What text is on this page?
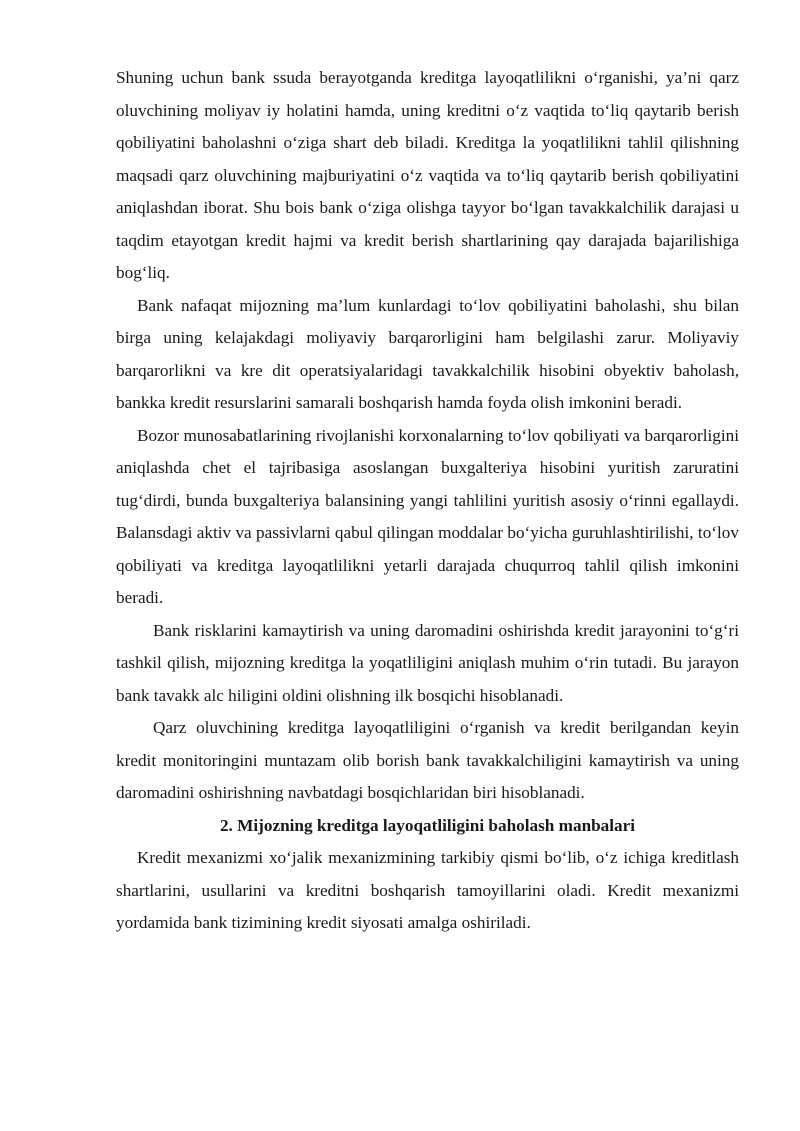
Shuning uchun bank ssuda berayotganda kreditga layoqatlilikni o‘rganishi, ya’ni qarz oluvchining moliyav iy holatini hamda, uning kreditni o‘z vaqtida to‘liq qaytarib berish qobiliyatini baholashni o‘ziga shart deb biladi. Kreditga la yoqatlilikni tahlil qilishning maqsadi qarz oluvchining majburiyatini o‘z vaqtida va to‘liq qaytarib berish qobiliyatini aniqlashdan iborat. Shu bois bank o‘ziga olishga tayyor bo‘lgan tavakkalchilik darajasi u taqdim etayotgan kredit hajmi va kredit berish shartlarining qay darajada bajarilishiga bog‘liq.

Bank nafaqat mijozning ma’lum kunlardagi to‘lov qobiliyatini baholashi, shu bilan birga uning kelajakdagi moliyaviy barqarorligini ham belgilashi zarur. Moliyaviy barqarorlikni va kre dit operatsiyalaridagi tavakkalchilik hisobini obyektiv baholash, bankka kredit resurslarini samarali boshqarish hamda foyda olish imkonini beradi.

Bozor munosabatlarining rivojlanishi korxonalarning to‘lov qobiliyati va barqarorligini aniqlashda chet el tajribasiga asoslangan buxgalteriya hisobini yuritish zaruratini tug‘dirdi, bunda buxgalteriya balansining yangi tahlilini yuritish asosiy o‘rinni egallaydi. Balansdagi aktiv va passivlarni qabul qilingan moddalar bo‘yicha guruhlashtirilishi, to‘lov qobiliyati va kreditga layoqatlilikni yetarli darajada chuqurroq tahlil qilish imkonini beradi.

Bank risklarini kamaytirish va uning daromadini oshirishda kredit jarayonini to‘g‘ri tashkil qilish, mijozning kreditga la yoqatliligini aniqlash muhim o‘rin tutadi. Bu jarayon bank tavakk alc hiligini oldini olishning ilk bosqichi hisoblanadi.

Qarz oluvchining kreditga layoqatliligini o‘rganish va kredit berilgandan keyin kredit monitoringini muntazam olib borish bank tavakkalchiligini kamaytirish va uning daromadini oshirishning navbatdagi bosqichlaridan biri hisoblanadi.

2. Mijozning kreditga layoqatliligini baholash manbalari

Kredit mexanizmi xo‘jalik mexanizmining tarkibiy qismi bo‘lib, o‘z ichiga kreditlash shartlarini, usullarini va kreditni boshqarish tamoyillarini oladi. Kredit mexanizmi yordamida bank tizimining kredit siyosati amalga oshiriladi.
